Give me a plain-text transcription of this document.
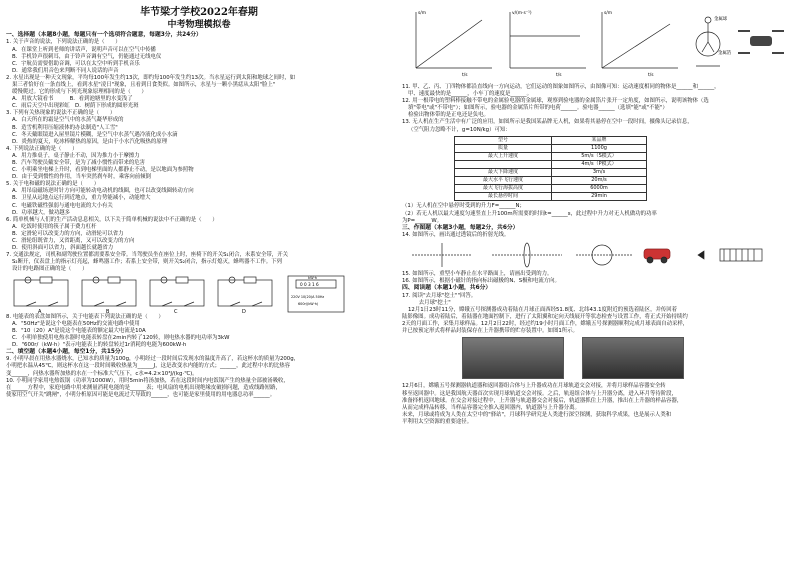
毕节梁才学校2022年春期

中考物理模拟卷

一、选择题（本题8小题，每题只有一个选项符合题意，每题3分，共24分）

1. 关于声音的说法，下列说法正确的是（　　）

A．在课堂上听到老师的讲话声，说明声音可以在空气中传播

B．手机铃声很刺耳，由于铃声音调有空气，仍能通过无线电仪

C．宇航员需要借助音调，可以在太空中听到手机音乐

D．通常我们用音色来判断不同人说话的声音

2. 水星出现是一种天文现象，平均每100年发生约13次，即约每100年发生约13次。当水星运行到太阳和地球之间时，如

果三者恰好在一条直线上，看到水星"凌日"现象，且看到日食类似。如图所示，水星与一颗小黑痣从太阳"脸上"

缓慢爬过。它的形成与下列光现象原理相同的是（　　）

A．用放大镜看书　　　B．看到池塘里的水变浅了

C．雨后天空中出现彩虹　D．树荫下形成的圆形光斑

3. 下列有关热现象的说法不正确的是（　　）

A．白天所在的霜是空气中的水蒸气凝华形成的

B．造雪机利用压缩液体的办法制造"人工雪"

C．冬天戴眼镜进入屋里镜片模糊，是空气中水蒸气遇冷液化成小水滴

D．炎热的夏天，吃冰棒解热的原因，是由于小水汽化吸热的原理

4. 下列说法正确的是（　　）

A．用力推桌子，桌子静止不动，因为推力小于摩擦力

B．汽车驾驶员戴安全带，是为了减小惯性而带来的危害

C．小明乘坐电梯上升时，看到电梯里面的人都静止不动，是以地面为参照物

D．由于受到惯性的作用，当车突然刹车时，乘客向前倾倒

5. 关于电和磁的说法正确的是（　　）

A．用吊扇磁场逆时针方向可能转动电动机的线圈，也可以改变线圈转动方向

B．卫星从远地点运行到近地点，重力势能减小，动能增大

C．电磁铁磁性强弱与通电电流的大小有关

D．功率越大，做功越多

6. 简单机械与人们的生产活动息息相关，以下关于简单机械的说法中不正确的是（　　）

A．吃饭时使用的筷子属于费力杠杆

B．定滑轮可以改变力的方向，动滑轮可以省力

C．滑轮组既省力，又省距离，又可以改变力的方向

D．使用斜面可以省力，斜面越长就越省力

7. 交通法规定，司机和副驾驶位置都需要系安全带。当驾驶员坐在座位上时，座椅下的开关S₁闭合，未系安全带，开关

S₂断开，仪表盘上的指示灯亮起，蜂鸣器工作；若系上安全带，则开关S₂闭合，指示灯熄灭，蜂鸣器不工作。下列

设计的电路图正确的是（　　）

A	B	C	D
kW·h
0 0 3 1 6
220V 10(20)A 50Hz
600r/(kW·h)

8. 电能表的表盘如图所示，关于电能表下列说法正确的是（　　）

A．"50Hz"是说这个电能表在50Hz的交流电路中使用

B．"10（20）A"是说这个电能表的额定最大电流是10A

C．小明单独使用电热水器时电能表转盘在2min内转了120转，则电热水器的电功率为3kW

D．"600r/（kW·h）"表示电能表上的转盘转过1r消耗的电能为600kW·h

二、填空题（本题4小题，每空1分，共15分）

9. 小明早晨在用热水器烧水，已知水的质量为100g，小明经过一段时间后发现水的温度升高了，若这杯水的质量为200g，

小明把水温从45℃，则这杯水在这一段时间吸收热量为______J，这是改变水内能的方式；______，此过程中水的比热容

变______，问热水器所加热的水在一个标准大气压下，c水=4.2×10³J/(kg·℃)。

10. 小明同学家用电热饭锅（功率为1000W），用时5min将汤加热，若在这段时间内电饭锅产生的热量全部被汤吸收，

在______方程中，家庭电路中用来测量消耗电能的是______表；电风扇的电机出现绝缘皮破损问题，造成线路短路，

使家用空气开关"跳闸"，小明分析原因可能是电流过大导致的______，也可能是家里使用的用电器总功率______。

t/s
s/m
t/s
v/(m·s⁻¹)
t/s
s/m
金属球
金属箔

11. 甲、乙、丙、丁四物体都沿直线向一方向运动，它们运动的图象如图所示，由图像可知：运动速度相同的物体是______和______，

甲、速度最快的是______，小车丁的速度是______。

12. 用一根带电的塑料棒接触不带电的金属验电器的金属球，观察到验电器的金属箔片张开一定角度，如图所示，说明该物体（选

填"带电"或"不带电"）；如图所示，验电器的金属箔片所带的电荷______。验电器______（选填"能"或"不能"）

检验出物体带的是正电还是负电。

13. 无人机在生产生活中有广泛的应用，如图所示是我国某品牌无人机，如果将其悬停在空中一段时间，摄像头记录信息，

（空气阻力忽略不计，g=10N/kg）可知：

型号	某品牌
质量	1100g
最大上升速度	5m/s（S模式）
	4m/s（P模式）
最大下降速度	3m/s
最大水平飞行速度	20m/s
最大飞行海拔高度	6000m
最长悬停时间	29min

（1）无人机在空中悬停时受到的升力F=______N；

（2）若无人机以最大速度匀速竖直上升100m所需要的时间t=______s，此过程中升力对无人机做功的功率

为P=______W。

三、作图题（本题3小题，每题2分，共6分）

14. 如图所示，画出通过透镜后的折射光线。

15. 如图所示，重型小车静止在水平路面上，请画出受到的力。

16. 如图所示，根据小磁针的指向标出磁极的N、S极和电流方向。

四、阅读题（本题1小题，共6分）

17. 阅读"去月球"挖土""回答。

　　去月球"挖土"

12月1日23时11分，嫦娥五号探测器成功着陆在月球正面西经51.8度、北纬43.1度附近的预选着陆区，并传回着

陆影像图。成功着陆后，着陆器在地面控制下，进行了太阳翼和定向天线展开等状态检查与设置工作，将正式开始持续约

2天的月面工作，采集月球样品。12月2日22时，经过约19小时月面工作，嫦娥五号探测器顺利完成月球表面自动采样，

并已按预定形式将样品封装保存在上升器携带的贮存装置中。如图1所示。

12月6日，嫦娥五号探测器轨道器和返回器组合体与上升器成功在月球轨道交会对接，并将月球样品容器安全转

移至返回器中。这是我国航天器首次实现月球轨道交会对接。之后，轨返组合体与上升器分离，进入环月等待阶段，

准备择机返回地球。在交会对接过程中，上升器与轨道器交会对接后，轨道器抓住上升器，推出在上升器的样品容器，

从而完成样品转移，当样品容器完全推入返回器内，轨道器与上升器分离。

未来，月球或将成为人类在太空中的"驿站"，月球科学研究是人类进行深空探测，获取科学成果，也是展示人类和

平利用太空资源的重要途径。
